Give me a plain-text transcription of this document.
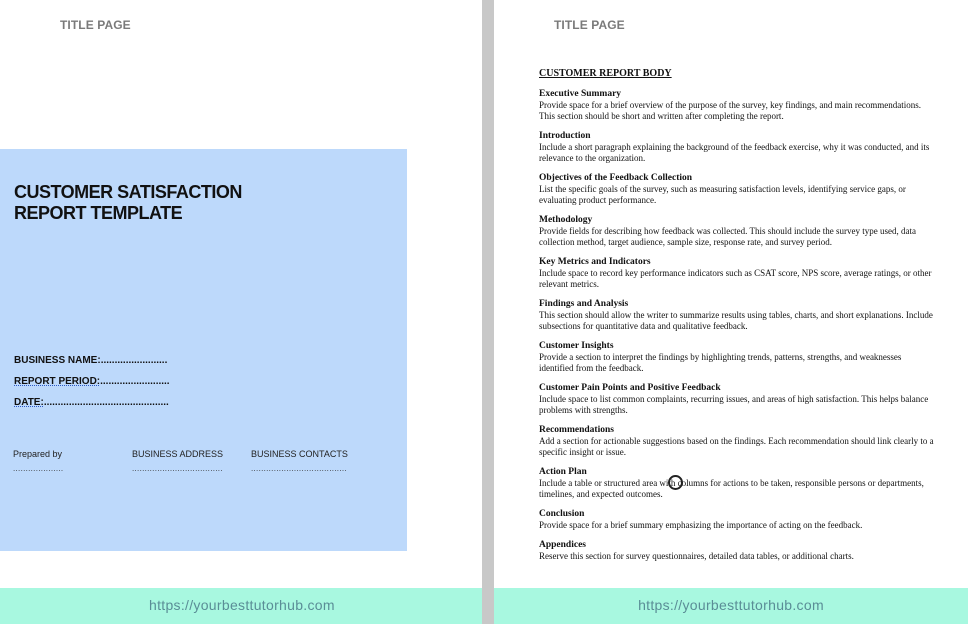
TITLE PAGE
CUSTOMER SATISFACTION
REPORT TEMPLATE
BUSINESS NAME:........................
REPORT PERIOD:.........................
DATE:.............................................
Prepared by
....................
BUSINESS ADDRESS
....................................
BUSINESS CONTACTS
......................................
https://yourbesttutorhub.com
TITLE PAGE
CUSTOMER REPORT BODY
Executive Summary
Provide space for a brief overview of the purpose of the survey, key findings, and main recommendations. This section should be short and written after completing the report.
Introduction
Include a short paragraph explaining the background of the feedback exercise, why it was conducted, and its relevance to the organization.
Objectives of the Feedback Collection
List the specific goals of the survey, such as measuring satisfaction levels, identifying service gaps, or evaluating product performance.
Methodology
Provide fields for describing how feedback was collected. This should include the survey type used, data collection method, target audience, sample size, response rate, and survey period.
Key Metrics and Indicators
Include space to record key performance indicators such as CSAT score, NPS score, average ratings, or other relevant metrics.
Findings and Analysis
This section should allow the writer to summarize results using tables, charts, and short explanations. Include subsections for quantitative data and qualitative feedback.
Customer Insights
Provide a section to interpret the findings by highlighting trends, patterns, strengths, and weaknesses identified from the feedback.
Customer Pain Points and Positive Feedback
Include space to list common complaints, recurring issues, and areas of high satisfaction. This helps balance problems with strengths.
Recommendations
Add a section for actionable suggestions based on the findings. Each recommendation should link clearly to a specific insight or issue.
Action Plan
Include a table or structured area with columns for actions to be taken, responsible persons or departments, timelines, and expected outcomes.
Conclusion
Provide space for a brief summary emphasizing the importance of acting on the feedback.
Appendices
Reserve this section for survey questionnaires, detailed data tables, or additional charts.
https://yourbesttutorhub.com
